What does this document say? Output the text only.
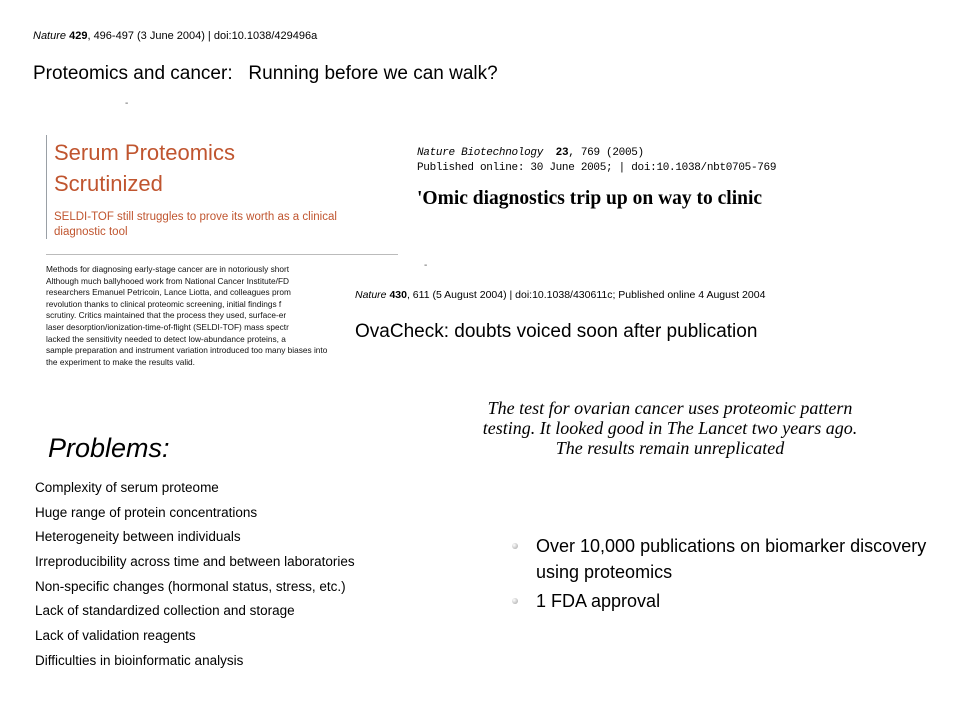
Nature 429, 496-497 (3 June 2004) | doi:10.1038/429496a
Proteomics and cancer:   Running before we can walk?
-
Serum Proteomics
Scrutinized
SELDI-TOF still struggles to prove its worth as a clinical diagnostic tool
Methods for diagnosing early-stage cancer are in notoriously short
Although much ballyhooed work from National Cancer Institute/FD
researchers Emanuel Petricoin, Lance Liotta, and colleagues prom
revolution thanks to clinical proteomic screening, initial findings f
scrutiny. Critics maintained that the process they used, surface-er
laser desorption/ionization-time-of-flight (SELDI-TOF) mass spectr
lacked the sensitivity needed to detect low-abundance proteins, a
sample preparation and instrument variation introduced too many biases into
the experiment to make the results valid.
Nature Biotechnology 23, 769 (2005)
Published online: 30 June 2005; | doi:10.1038/nbt0705-769
'Omic diagnostics trip up on way to clinic
-
Nature 430, 611 (5 August 2004) | doi:10.1038/430611c; Published online 4 August 2004
OvaCheck: doubts voiced soon after publication
The test for ovarian cancer uses proteomic pattern
testing. It looked good in The Lancet two years ago.
The results remain unreplicated
Problems:
Complexity of serum proteome
Huge range of protein concentrations
Heterogeneity between individuals
Irreproducibility across time and between laboratories
Non-specific changes (hormonal status, stress, etc.)
Lack of standardized collection and storage
Lack of validation reagents
Difficulties in bioinformatic analysis
Over 10,000 publications on biomarker discovery using proteomics
1 FDA approval
